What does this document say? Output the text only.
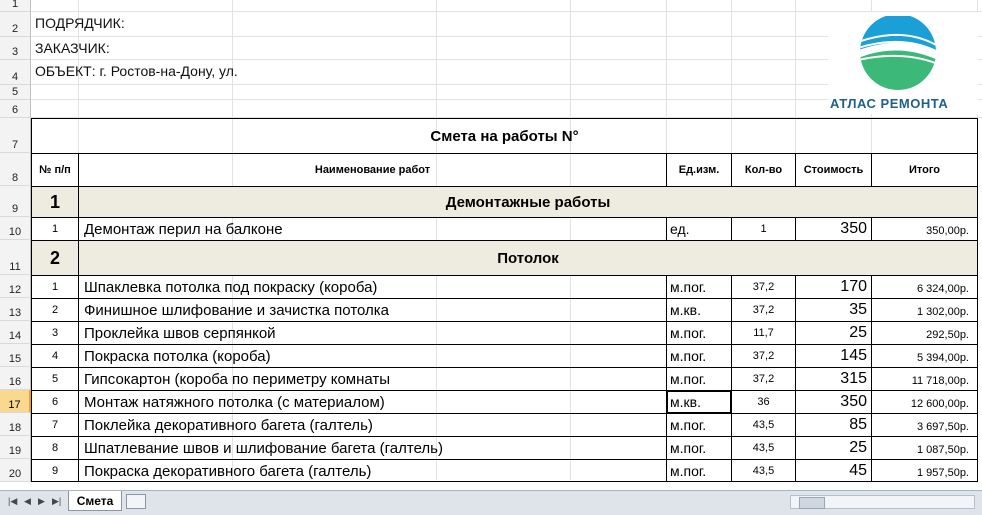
1
2
3
4
5
6
7
8
9
10
11
12
13
14
15
16
17
18
19
20
ПОДРЯДЧИК:
ЗАКАЗЧИК:
ОБЪЕКТ: г. Ростов-на-Дону, ул.
АТЛАС РЕМОНТА
Смета на работы N°
№ п/п	Наименование работ	Ед.изм.	Кол-во	Стоимость	Итого
1	Демонтажные работы
1	Демонтаж перил на балконе	ед.	1	350	350,00р.
2	Потолок
1	Шпаклевка потолка под покраску (короба)	м.пог.	37,2	170	6 324,00р.
2	Финишное шлифование и зачистка потолка	м.кв.	37,2	35	1 302,00р.
3	Проклейка швов серпянкой	м.пог.	11,7	25	292,50р.
4	Покраска потолка (короба)	м.пог.	37,2	145	5 394,00р.
5	Гипсокартон (короба по периметру комнаты	м.пог.	37,2	315	11 718,00р.
6	Монтаж натяжного потолка (с материалом)	м.кв.	36	350	12 600,00р.
7	Поклейка декоративного багета (галтель)	м.пог.	43,5	85	3 697,50р.
8	Шпатлевание швов и шлифование багета (галтель)	м.пог.	43,5	25	1 087,50р.
9	Покраска декоративного багета (галтель)	м.пог.	43,5	45	1 957,50р.
|◀ ◀ ▶ ▶|	Смета
